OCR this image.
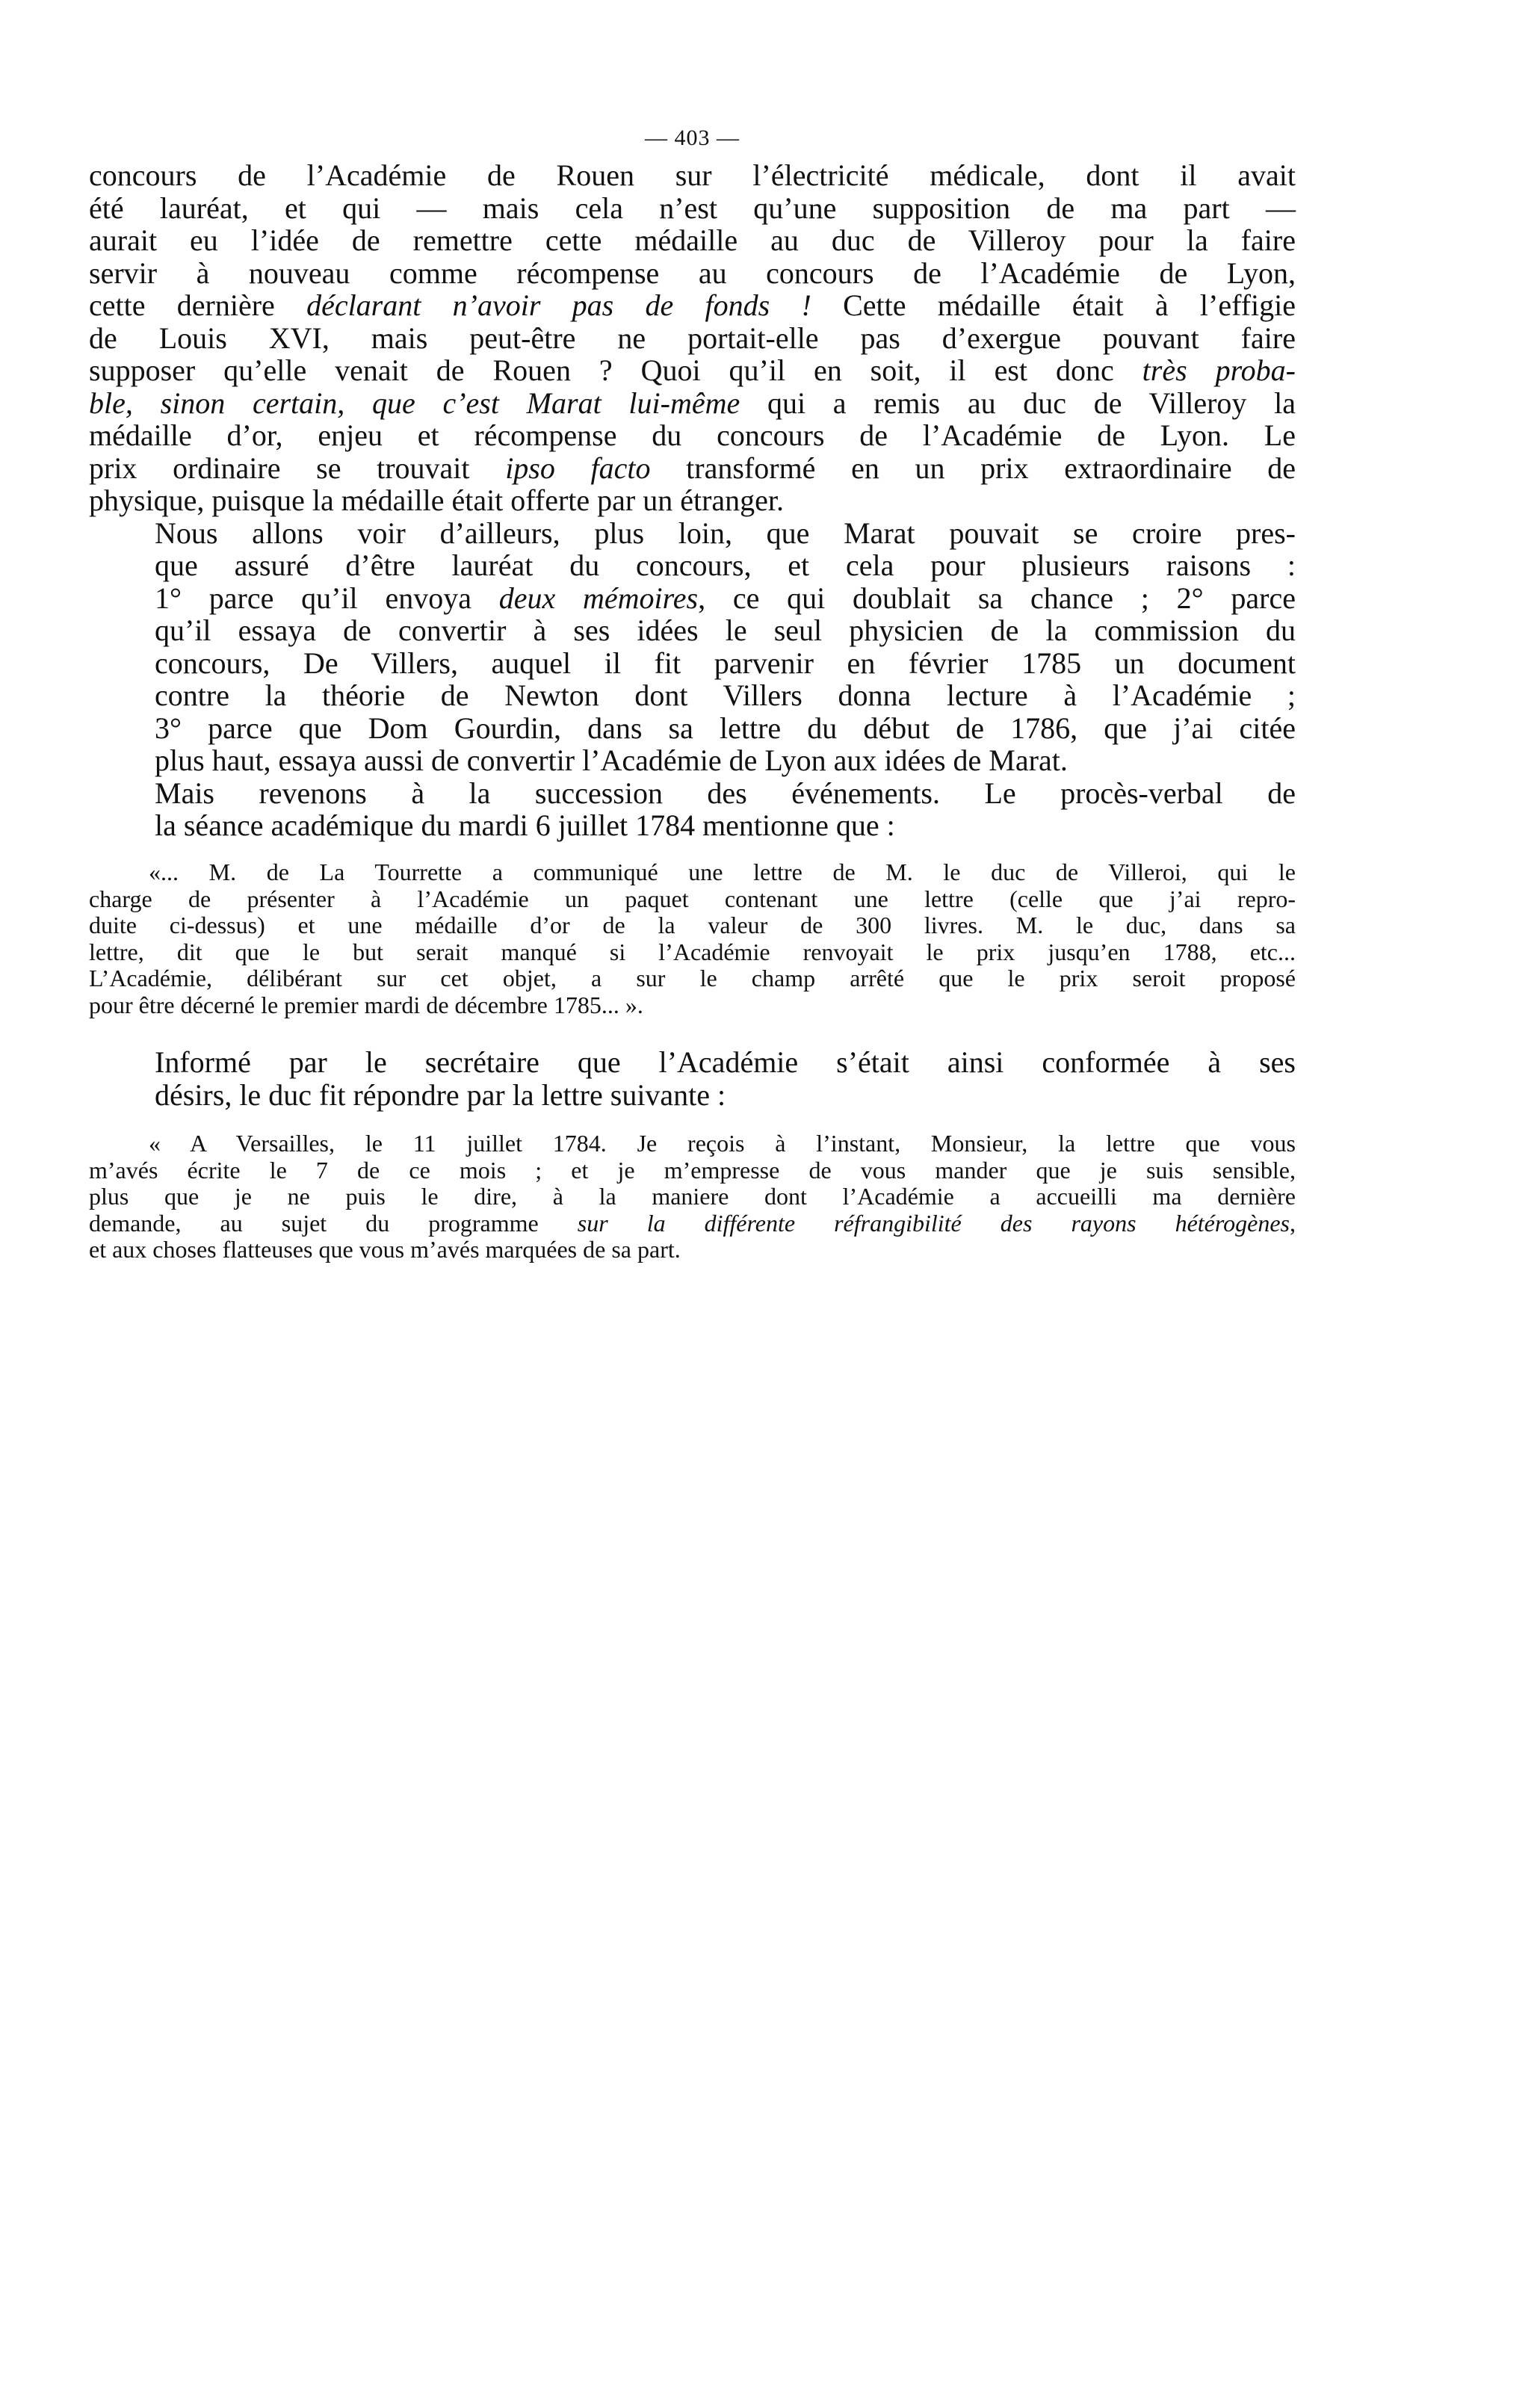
— 403 —

concours de l’Académie de Rouen sur l’électricité médicale, dont il avait
été lauréat, et qui — mais cela n’est qu’une supposition de ma part —
aurait eu l’idée de remettre cette médaille au duc de Villeroy pour la faire
servir à nouveau comme récompense au concours de l’Académie de Lyon,
cette dernière déclarant n’avoir pas de fonds ! Cette médaille était à l’effigie
de Louis XVI, mais peut-être ne portait-elle pas d’exergue pouvant faire
supposer qu’elle venait de Rouen ? Quoi qu’il en soit, il est donc très proba-
ble, sinon certain, que c’est Marat lui-même qui a remis au duc de Villeroy la
médaille d’or, enjeu et récompense du concours de l’Académie de Lyon. Le
prix ordinaire se trouvait ipso facto transformé en un prix extraordinaire de
physique, puisque la médaille était offerte par un étranger.

Nous allons voir d’ailleurs, plus loin, que Marat pouvait se croire pres-
que assuré d’être lauréat du concours, et cela pour plusieurs raisons :
1° parce qu’il envoya deux mémoires, ce qui doublait sa chance ; 2° parce
qu’il essaya de convertir à ses idées le seul physicien de la commission du
concours, De Villers, auquel il fit parvenir en février 1785 un document
contre la théorie de Newton dont Villers donna lecture à l’Académie ;
3° parce que Dom Gourdin, dans sa lettre du début de 1786, que j’ai citée
plus haut, essaya aussi de convertir l’Académie de Lyon aux idées de Marat.

Mais revenons à la succession des événements. Le procès-verbal de
la séance académique du mardi 6 juillet 1784 mentionne que :

«... M. de La Tourrette a communiqué une lettre de M. le duc de Villeroi, qui le
charge de présenter à l’Académie un paquet contenant une lettre (celle que j’ai repro-
duite ci-dessus) et une médaille d’or de la valeur de 300 livres. M. le duc, dans sa
lettre, dit que le but serait manqué si l’Académie renvoyait le prix jusqu’en 1788, etc...
L’Académie, délibérant sur cet objet, a sur le champ arrêté que le prix seroit proposé
pour être décerné le premier mardi de décembre 1785... ».

Informé par le secrétaire que l’Académie s’était ainsi conformée à ses
désirs, le duc fit répondre par la lettre suivante :

« A Versailles, le 11 juillet 1784. Je reçois à l’instant, Monsieur, la lettre que vous
m’avés écrite le 7 de ce mois ; et je m’empresse de vous mander que je suis sensible,
plus que je ne puis le dire, à la maniere dont l’Académie a accueilli ma dernière
demande, au sujet du programme sur la différente réfrangibilité des rayons hétérogènes,
et aux choses flatteuses que vous m’avés marquées de sa part.
